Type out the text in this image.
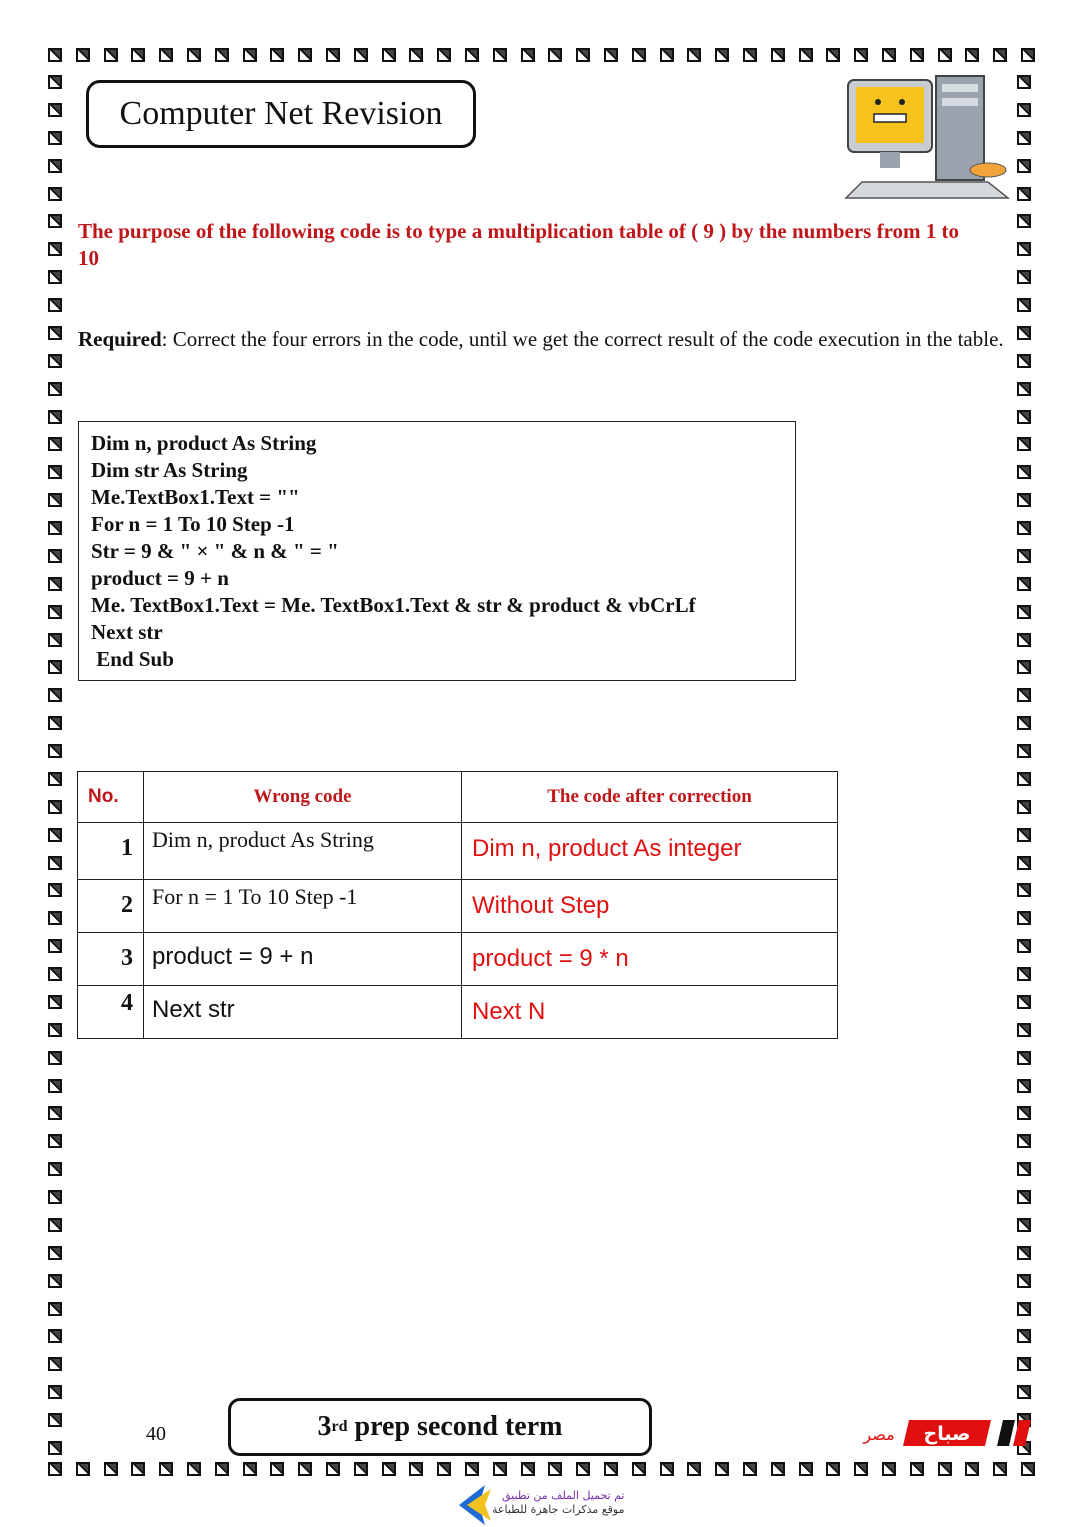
Computer Net Revision
The purpose of the following code is to type a multiplication table of ( 9 ) by the numbers from 1 to 10
Required: Correct the four errors in the code, until we get the correct result of the code execution in the table.
Dim n, product As String
Dim str As String
Me.TextBox1.Text = ""
For n = 1 To 10 Step -1
Str = 9 & " × " & n & " = "
product = 9 + n
Me. TextBox1.Text = Me. TextBox1.Text & str & product & vbCrLf
Next str
End Sub
No.	Wrong code	The code after correction
1	Dim n, product As String	Dim n, product As integer
2	For n = 1 To 10 Step -1	Without Step
3	product = 9 + n	product = 9 * n
4	Next str	Next N
40	3 rd prep second term	صباح
مصر
تم تحميل الملف من تطبيق
موقع مذكرات جاهزة للطباعة
